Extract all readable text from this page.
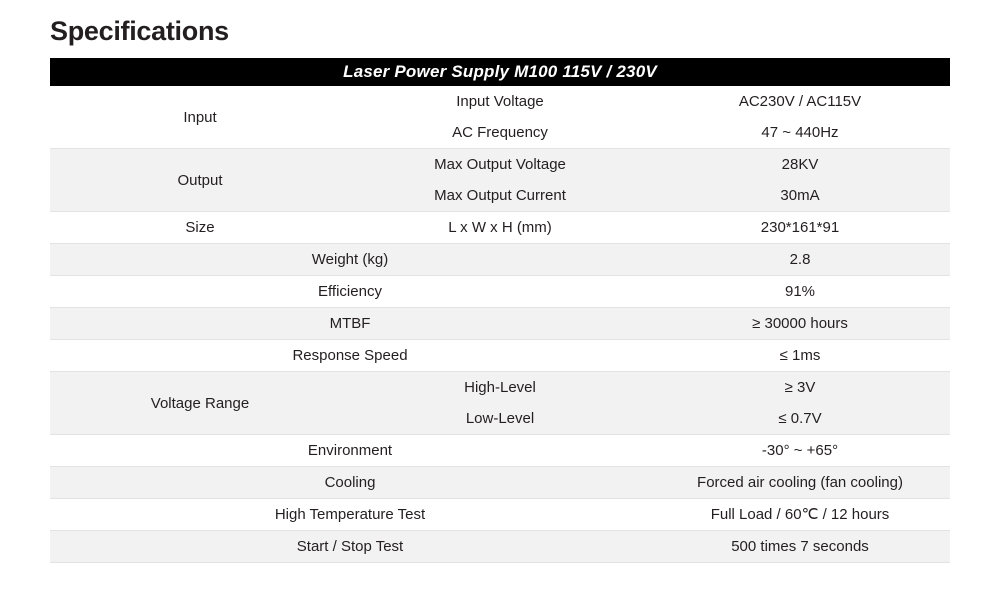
Specifications
Laser Power Supply M100 115V / 230V		
Input	Input Voltage	AC230V / AC115V
	AC Frequency	47 ~ 440Hz
Output	Max Output Voltage	28KV
	Max Output Current	30mA
Size	L x W x H (mm)	230*161*91
Weight (kg)		2.8
Efficiency		91%
MTBF		≥ 30000 hours
Response Speed		≤ 1ms
Voltage Range	High-Level	≥ 3V
	Low-Level	≤ 0.7V
Environment		-30° ~ +65°
Cooling		Forced air cooling (fan cooling)
High Temperature Test		Full Load / 60℃ / 12 hours
Start / Stop Test		500 times 7 seconds
